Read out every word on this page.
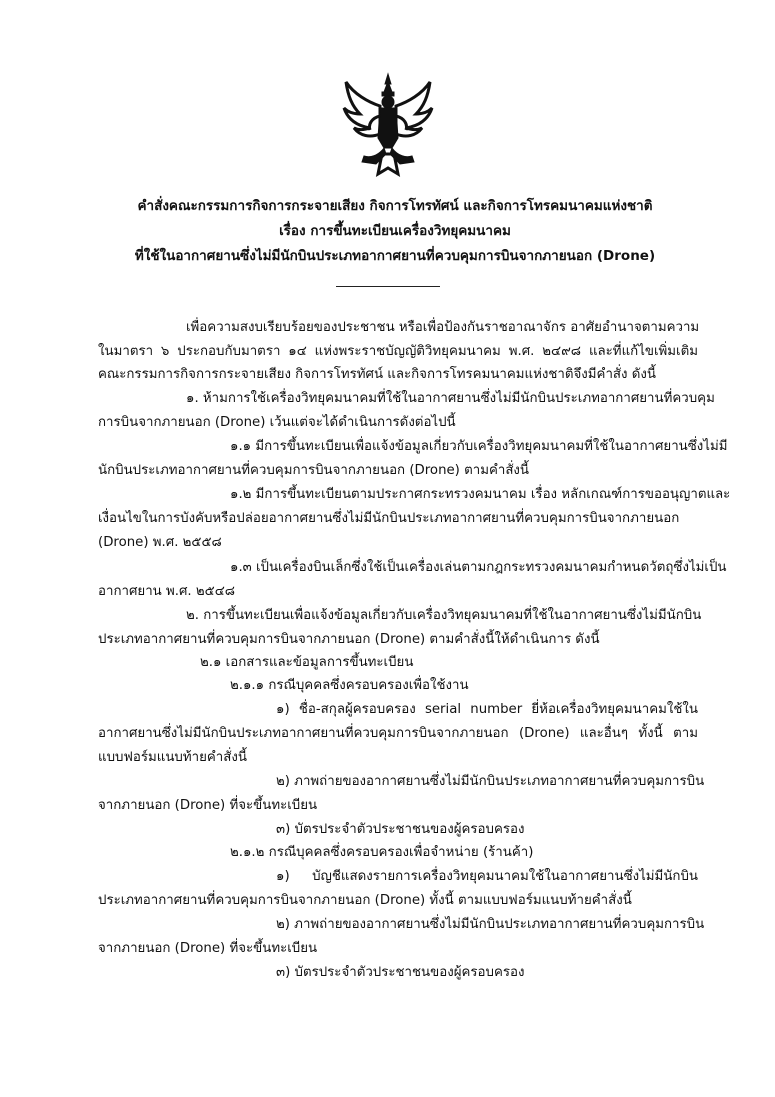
คำสั่งคณะกรรมการกิจการกระจายเสียง กิจการโทรทัศน์ และกิจการโทรคมนาคมแห่งชาติ
เรื่อง การขึ้นทะเบียนเครื่องวิทยุคมนาคม
ที่ใช้ในอากาศยานซึ่งไม่มีนักบินประเภทอากาศยานที่ควบคุมการบินจากภายนอก (Drone)
เพื่อความสงบเรียบร้อยของประชาชน หรือเพื่อป้องกันราชอาณาจักร อาศัยอำนาจตามความ
ในมาตรา ๖ ประกอบกับมาตรา ๑๔ แห่งพระราชบัญญัติวิทยุคมนาคม พ.ศ. ๒๔๙๘ และที่แก้ไขเพิ่มเติม
คณะกรรมการกิจการกระจายเสียง กิจการโทรทัศน์ และกิจการโทรคมนาคมแห่งชาติจึงมีคำสั่ง ดังนี้
๑. ห้ามการใช้เครื่องวิทยุคมนาคมที่ใช้ในอากาศยานซึ่งไม่มีนักบินประเภทอากาศยานที่ควบคุม
การบินจากภายนอก (Drone) เว้นแต่จะได้ดำเนินการดังต่อไปนี้
๑.๑ มีการขึ้นทะเบียนเพื่อแจ้งข้อมูลเกี่ยวกับเครื่องวิทยุคมนาคมที่ใช้ในอากาศยานซึ่งไม่มี
นักบินประเภทอากาศยานที่ควบคุมการบินจากภายนอก (Drone) ตามคำสั่งนี้
๑.๒ มีการขึ้นทะเบียนตามประกาศกระทรวงคมนาคม เรื่อง หลักเกณฑ์การขออนุญาตและ
เงื่อนไขในการบังคับหรือปล่อยอากาศยานซึ่งไม่มีนักบินประเภทอากาศยานที่ควบคุมการบินจากภายนอก
(Drone) พ.ศ. ๒๕๕๘
๑.๓ เป็นเครื่องบินเล็กซึ่งใช้เป็นเครื่องเล่นตามกฎกระทรวงคมนาคมกำหนดวัตถุซึ่งไม่เป็น
อากาศยาน พ.ศ. ๒๕๔๘
๒. การขึ้นทะเบียนเพื่อแจ้งข้อมูลเกี่ยวกับเครื่องวิทยุคมนาคมที่ใช้ในอากาศยานซึ่งไม่มีนักบิน
ประเภทอากาศยานที่ควบคุมการบินจากภายนอก (Drone) ตามคำสั่งนี้ให้ดำเนินการ ดังนี้
๒.๑ เอกสารและข้อมูลการขึ้นทะเบียน
๒.๑.๑ กรณีบุคคลซึ่งครอบครองเพื่อใช้งาน
๑) ชื่อ-สกุลผู้ครอบครอง serial number ยี่ห้อเครื่องวิทยุคมนาคมใช้ใน
อากาศยานซึ่งไม่มีนักบินประเภทอากาศยานที่ควบคุมการบินจากภายนอก (Drone) และอื่นๆ ทั้งนี้ ตาม
แบบฟอร์มแนบท้ายคำสั่งนี้
๒) ภาพถ่ายของอากาศยานซึ่งไม่มีนักบินประเภทอากาศยานที่ควบคุมการบิน
จากภายนอก (Drone) ที่จะขึ้นทะเบียน
๓) บัตรประจำตัวประชาชนของผู้ครอบครอง
๒.๑.๒ กรณีบุคคลซึ่งครอบครองเพื่อจำหน่าย (ร้านค้า)
๑) บัญชีแสดงรายการเครื่องวิทยุคมนาคมใช้ในอากาศยานซึ่งไม่มีนักบิน
ประเภทอากาศยานที่ควบคุมการบินจากภายนอก (Drone) ทั้งนี้ ตามแบบฟอร์มแนบท้ายคำสั่งนี้
๒) ภาพถ่ายของอากาศยานซึ่งไม่มีนักบินประเภทอากาศยานที่ควบคุมการบิน
จากภายนอก (Drone) ที่จะขึ้นทะเบียน
๓) บัตรประจำตัวประชาชนของผู้ครอบครอง
